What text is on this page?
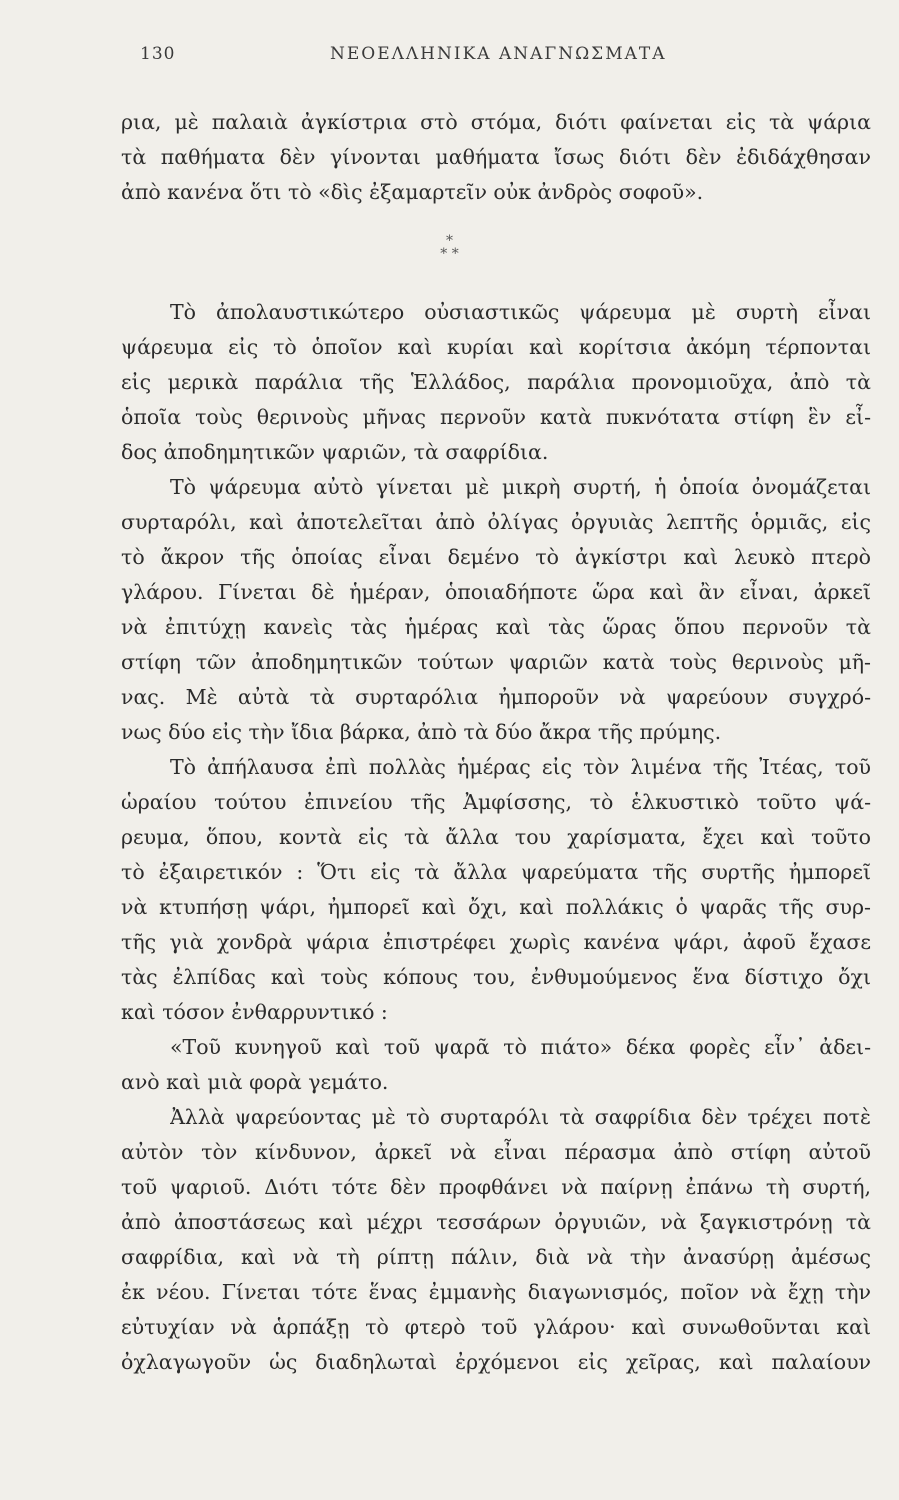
130	ΝΕΟΕΛΛΗΝΙΚΑ ΑΝΑΓΝΩΣΜΑΤΑ
ρια, μὲ παλαιὰ ἀγκίστρια στὸ στόμα, διότι φαίνεται εἰς τὰ ψάρια
τὰ παθήματα δὲν γίνονται μαθήματα ἴσως διότι δὲν ἐδιδάχθησαν
ἀπὸ κανένα ὅτι τὸ «δὶς ἐξαμαρτεῖν οὐκ ἀνδρὸς σοφοῦ».
*
* *
Τὸ ἀπολαυστικώτερο οὐσιαστικῶς ψάρευμα μὲ συρτὴ εἶναι
ψάρευμα εἰς τὸ ὁποῖον καὶ κυρίαι καὶ κορίτσια ἀκόμη τέρπονται
εἰς μερικὰ παράλια τῆς Ἑλλάδος, παράλια προνομιοῦχα, ἀπὸ τὰ
ὁποῖα τοὺς θερινοὺς μῆνας περνοῦν κατὰ πυκνότατα στίφη ἓν εἶ-
δος ἀποδημητικῶν ψαριῶν, τὰ σαφρίδια.
Τὸ ψάρευμα αὐτὸ γίνεται μὲ μικρὴ συρτή, ἡ ὁποία ὀνομάζεται
συρταρόλι, καὶ ἀποτελεῖται ἀπὸ ὀλίγας ὀργυιὰς λεπτῆς ὁρμιᾶς, εἰς
τὸ ἄκρον τῆς ὁποίας εἶναι δεμένο τὸ ἀγκίστρι καὶ λευκὸ πτερὸ
γλάρου. Γίνεται δὲ ἡμέραν, ὁποιαδήποτε ὥρα καὶ ἂν εἶναι, ἀρκεῖ
νὰ ἐπιτύχῃ κανεὶς τὰς ἡμέρας καὶ τὰς ὥρας ὅπου περνοῦν τὰ
στίφη τῶν ἀποδημητικῶν τούτων ψαριῶν κατὰ τοὺς θερινοὺς μῆ-
νας. Μὲ αὐτὰ τὰ συρταρόλια ἠμποροῦν νὰ ψαρεύουν συγχρό-
νως δύο εἰς τὴν ἴδια βάρκα, ἀπὸ τὰ δύο ἄκρα τῆς πρύμης.
Τὸ ἀπήλαυσα ἐπὶ πολλὰς ἡμέρας εἰς τὸν λιμένα τῆς Ἰτέας, τοῦ
ὡραίου τούτου ἐπινείου τῆς Ἀμφίσσης, τὸ ἑλκυστικὸ τοῦτο ψά-
ρευμα, ὅπου, κοντὰ εἰς τὰ ἄλλα του χαρίσματα, ἔχει καὶ τοῦτο
τὸ ἐξαιρετικόν : Ὅτι εἰς τὰ ἄλλα ψαρεύματα τῆς συρτῆς ἠμπορεῖ
νὰ κτυπήσῃ ψάρι, ἠμπορεῖ καὶ ὄχι, καὶ πολλάκις ὁ ψαρᾶς τῆς συρ-
τῆς γιὰ χονδρὰ ψάρια ἐπιστρέφει χωρὶς κανένα ψάρι, ἀφοῦ ἔχασε
τὰς ἐλπίδας καὶ τοὺς κόπους του, ἐνθυμούμενος ἕνα δίστιχο ὄχι
καὶ τόσον ἐνθαρρυντικό :
«Τοῦ κυνηγοῦ καὶ τοῦ ψαρᾶ τὸ πιάτο» δέκα φορὲς εἶν᾽ ἀδει-
ανὸ καὶ μιὰ φορὰ γεμάτο.
Ἀλλὰ ψαρεύοντας μὲ τὸ συρταρόλι τὰ σαφρίδια δὲν τρέχει ποτὲ
αὐτὸν τὸν κίνδυνον, ἀρκεῖ νὰ εἶναι πέρασμα ἀπὸ στίφη αὐτοῦ
τοῦ ψαριοῦ. Διότι τότε δὲν προφθάνει νὰ παίρνῃ ἐπάνω τὴ συρτή,
ἀπὸ ἀποστάσεως καὶ μέχρι τεσσάρων ὀργυιῶν, νὰ ξαγκιστρόνῃ τὰ
σαφρίδια, καὶ νὰ τὴ ρίπτῃ πάλιν, διὰ νὰ τὴν ἀνασύρῃ ἀμέσως
ἐκ νέου. Γίνεται τότε ἕνας ἐμμανὴς διαγωνισμός, ποῖον νὰ ἔχῃ τὴν
εὐτυχίαν νὰ ἁρπάξῃ τὸ φτερὸ τοῦ γλάρου· καὶ συνωθοῦνται καὶ
ὀχλαγωγοῦν ὡς διαδηλωταὶ ἐρχόμενοι εἰς χεῖρας, καὶ παλαίουν
